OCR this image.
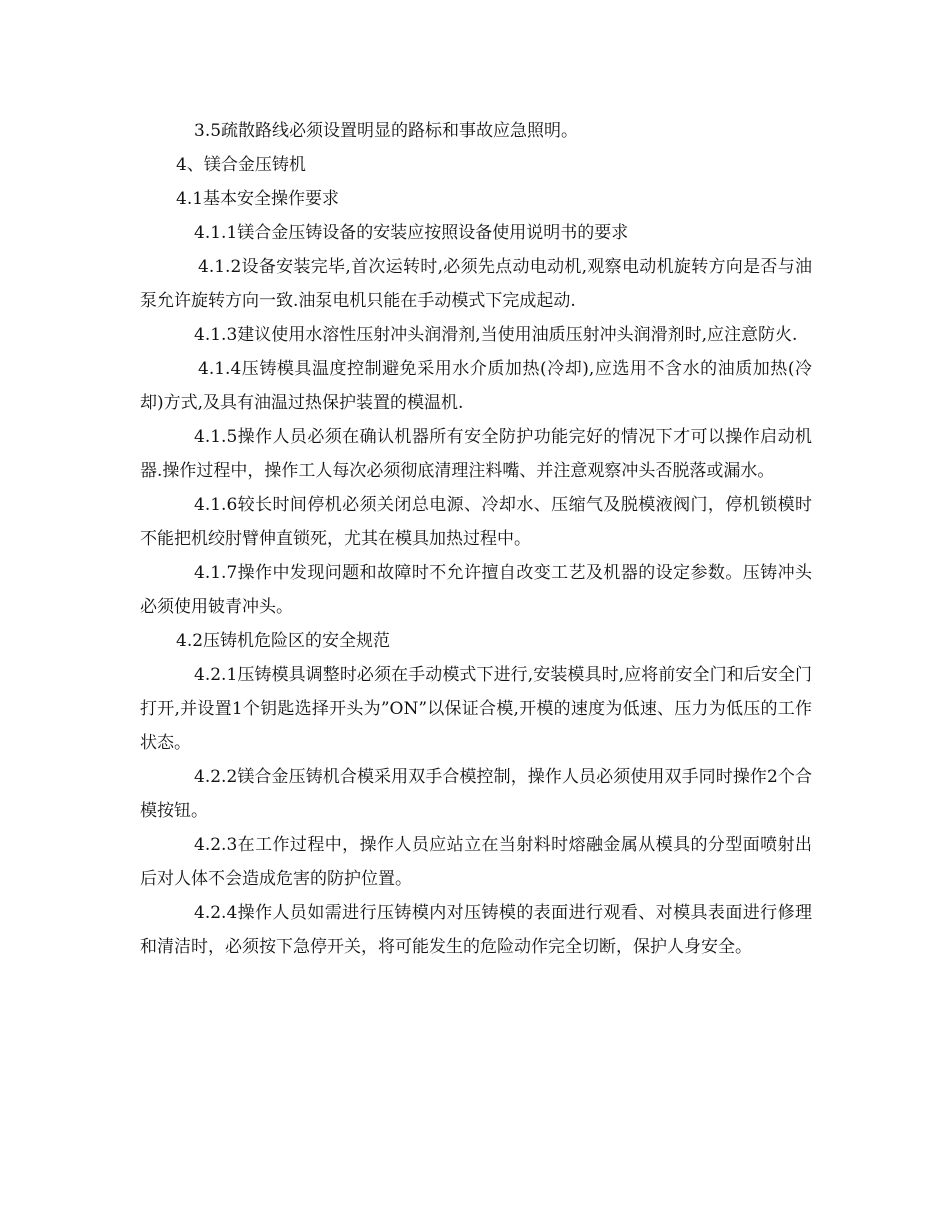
3.5疏散路线必须设置明显的路标和事故应急照明。

4、镁合金压铸机

4.1基本安全操作要求

4.1.1镁合金压铸设备的安装应按照设备使用说明书的要求

4.1.2设备安装完毕,首次运转时,必须先点动电动机,观察电动机旋转方向是否与油泵允许旋转方向一致.油泵电机只能在手动模式下完成起动.

4.1.3建议使用水溶性压射冲头润滑剂,当使用油质压射冲头润滑剂时,应注意防火.

4.1.4压铸模具温度控制避免采用水介质加热(冷却),应选用不含水的油质加热(冷却)方式,及具有油温过热保护装置的模温机.

4.1.5操作人员必须在确认机器所有安全防护功能完好的情况下才可以操作启动机器.操作过程中，操作工人每次必须彻底清理注料嘴、并注意观察冲头否脱落或漏水。

4.1.6较长时间停机必须关闭总电源、冷却水、压缩气及脱模液阀门，停机锁模时不能把机绞肘臂伸直锁死，尤其在模具加热过程中。

4.1.7操作中发现问题和故障时不允许擅自改变工艺及机器的设定参数。压铸冲头必须使用铍青冲头。

4.2压铸机危险区的安全规范

4.2.1压铸模具调整时必须在手动模式下进行,安装模具时,应将前安全门和后安全门打开,并设置1个钥匙选择开头为”ON”以保证合模,开模的速度为低速、压力为低压的工作状态。

4.2.2镁合金压铸机合模采用双手合模控制，操作人员必须使用双手同时操作2个合模按钮。

4.2.3在工作过程中，操作人员应站立在当射料时熔融金属从模具的分型面喷射出后对人体不会造成危害的防护位置。

4.2.4操作人员如需进行压铸模内对压铸模的表面进行观看、对模具表面进行修理和清洁时，必须按下急停开关，将可能发生的危险动作完全切断，保护人身安全。
